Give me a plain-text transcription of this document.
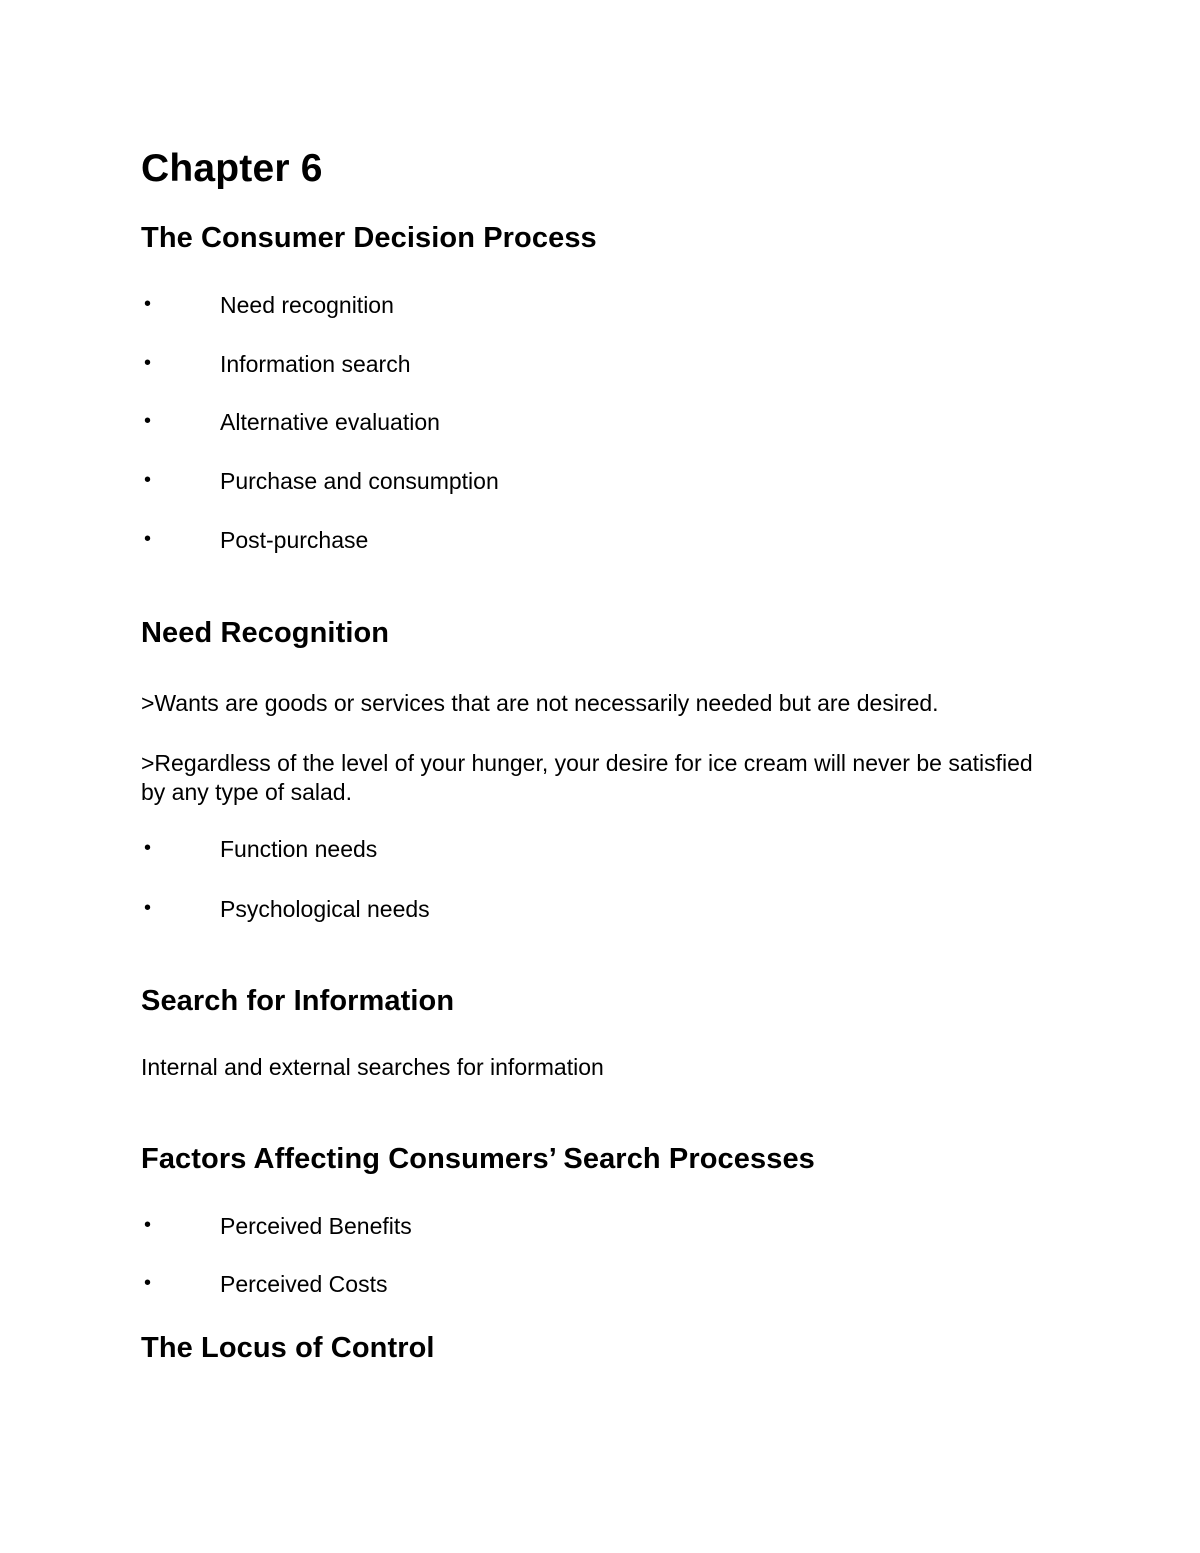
Chapter 6
The Consumer Decision Process
•	Need recognition
•	Information search
•	Alternative evaluation
•	Purchase and consumption
•	Post-purchase
Need Recognition
>Wants are goods or services that are not necessarily needed but are desired.
>Regardless of the level of your hunger, your desire for ice cream will never be satisfied by any type of salad.
•	Function needs
•	Psychological needs
Search for Information
Internal and external searches for information
Factors Affecting Consumers’ Search Processes
•	Perceived Benefits
•	Perceived Costs
The Locus of Control
